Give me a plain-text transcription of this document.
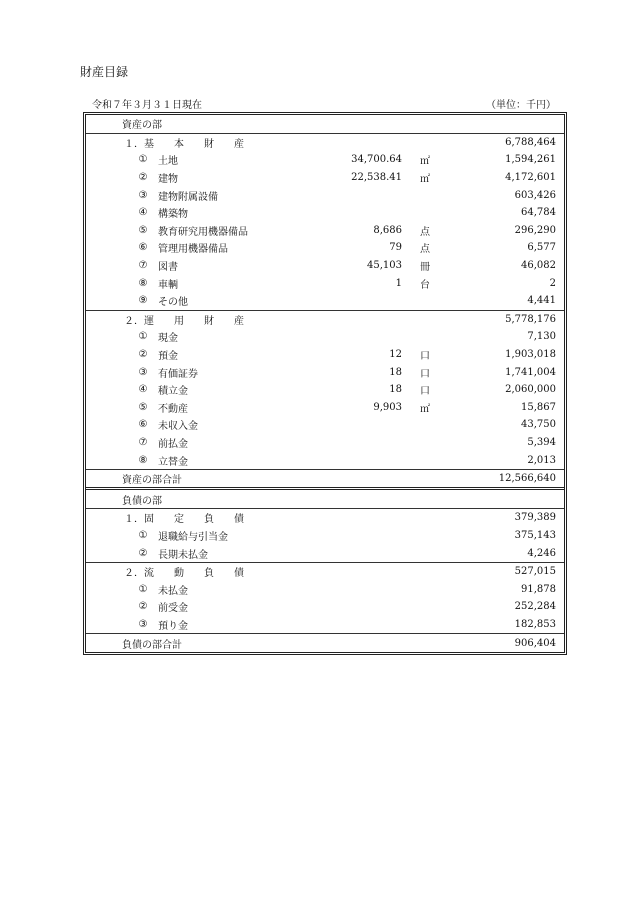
財産目録
令和７年３月３１日現在	（単位：千円）
資産の部
１．基　　本　　財　　産	6,788,464
① 土地	34,700.64 ㎡	1,594,261
② 建物	22,538.41 ㎡	4,172,601
③ 建物附属設備	603,426
④ 構築物	64,784
⑤ 教育研究用機器備品	8,686 点	296,290
⑥ 管理用機器備品	79 点	6,577
⑦ 図書	45,103 冊	46,082
⑧ 車輌	1 台	2
⑨ その他	4,441
２．運　　用　　財　　産	5,778,176
① 現金	7,130
② 預金	12 口	1,903,018
③ 有価証券	18 口	1,741,004
④ 積立金	18 口	2,060,000
⑤ 不動産	9,903 ㎡	15,867
⑥ 未収入金	43,750
⑦ 前払金	5,394
⑧ 立替金	2,013
資産の部合計	12,566,640
負債の部
１．固　　定　　負　　債	379,389
① 退職給与引当金	375,143
② 長期未払金	4,246
２．流　　動　　負　　債	527,015
① 未払金	91,878
② 前受金	252,284
③ 預り金	182,853
負債の部合計	906,404
